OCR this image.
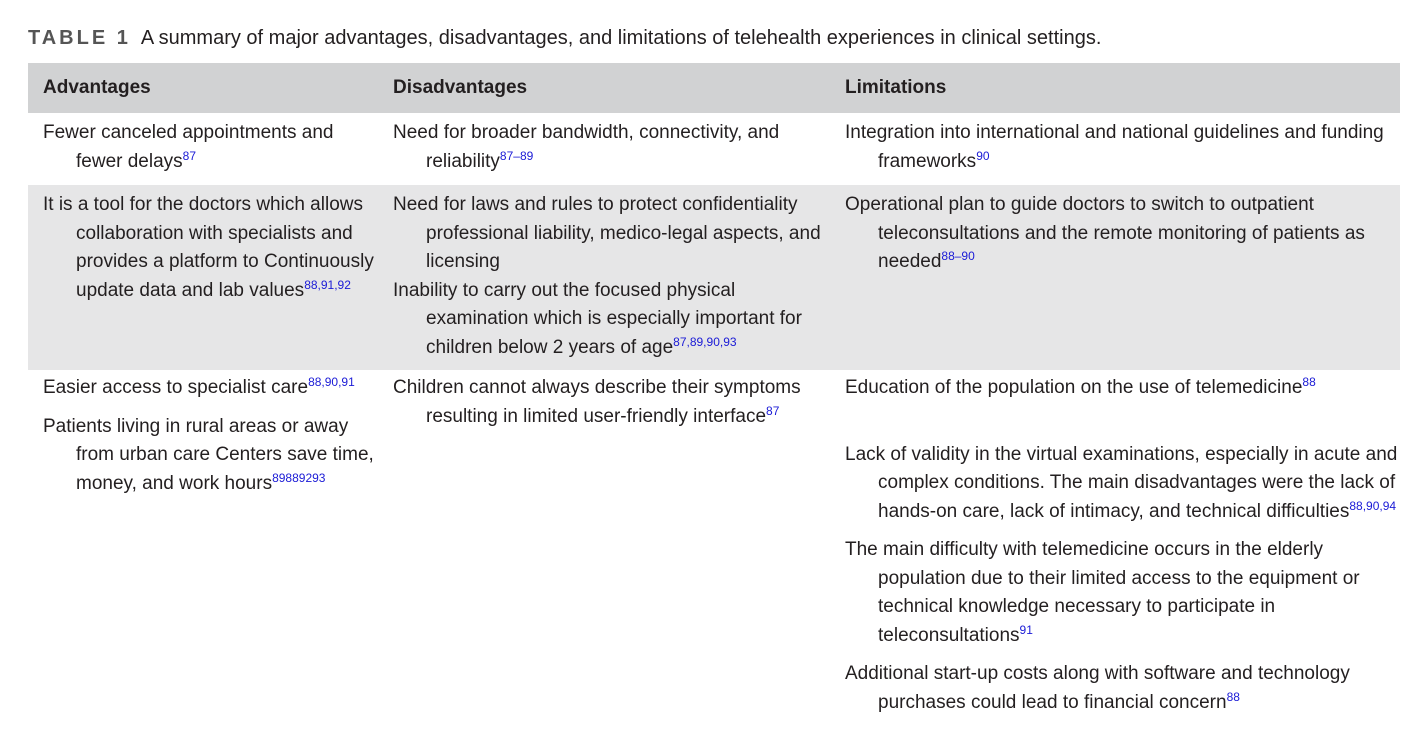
TABLE 1 A summary of major advantages, disadvantages, and limitations of telehealth experiences in clinical settings.
Advantages	Disadvantages	Limitations

Fewer canceled appointments and fewer delays$^{87}$

Need for broader bandwidth, connectivity, and reliability$^{87-89}$

Integration into international and national guidelines and funding frameworks$^{90}$

It is a tool for the doctors which allows collaboration with specialists and provides a platform to Continuously update data and lab values$^{88,91,92}$

Need for laws and rules to protect confidentiality professional liability, medico-legal aspects, and licensing

Inability to carry out the focused physical examination which is especially important for children below 2 years of age$^{87,89,90,93}$

Operational plan to guide doctors to switch to outpatient teleconsultations and the remote monitoring of patients as needed$^{88-90}$

Easier access to specialist care$^{88,90,91}$

Patients living in rural areas or away from urban care Centers save time, money, and work hours$^{89889293}$

Children cannot always describe their symptoms resulting in limited user-friendly interface$^{87}$

Education of the population on the use of telemedicine$^{88}$

Lack of validity in the virtual examinations, especially in acute and complex conditions. The main disadvantages were the lack of hands-on care, lack of intimacy, and technical difficulties$^{88,90,94}$

The main difficulty with telemedicine occurs in the elderly population due to their limited access to the equipment or technical knowledge necessary to participate in teleconsultations$^{91}$

Additional start-up costs along with software and technology purchases could lead to financial concern$^{88}$
